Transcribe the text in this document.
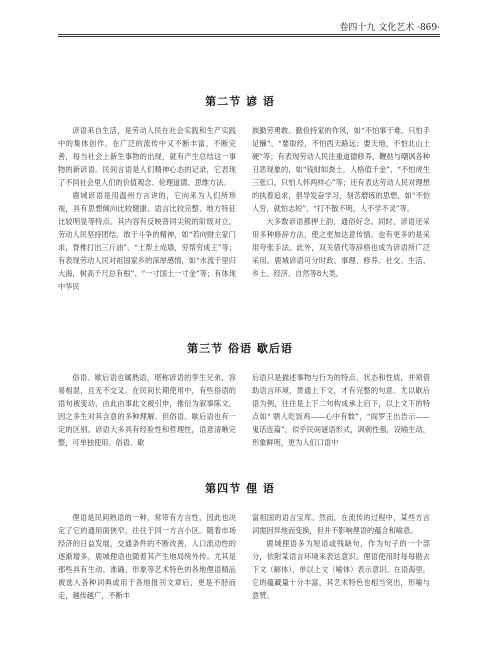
卷四十九 文化艺术 ·869·
第二节 谚 语

谚语来自生活，是劳动人民在社会实践和生产实践中的集体创作。在广泛的流传中又不断丰富、不断完善，每当社会上新生事物的出现，就有产生总结这一事物的新谚语。民间言语是人们精神心态的记录，它表现了不同社会里人们的价值观念、伦理道德、思维方法。

鹿城谚语是用温州方言讲的，它向来为人们所珍视，具有思想倾向比较健康、语言比较完整、地方特征比较明显等特点。其内容有反映普同尖锐的阶级对立，劳动人民坚持团结、敢于斗争的精神，如“若向财主家门求，脊椎打出三斤油”、“土帮土成墙，穷帮穷成王”等；有表现劳动人民对祖国家乡的深厚感情，如“水流千里归大海，树高千尺总有根”、“一寸国土一寸金”等；有体现中华民

族勤劳勇敢、勤俭持家的作风，如“不怕事干难，只怕手足懒”、“要取经，不怕西天路远；要天地，不怕北山土硬”等；有表现劳动人民注重道德修养，鞭挞与嘲讽各种丑恶现象的，如“钱财如粪土，人格值千金”、“不怕虎生三张口，只怕人怀两样心”等；还有表达劳动人民对理想的执着追求，倡导发奋学习，刻苦磨练的思想，如“不怕人穷，就怕志短”、“打不散不明，人不学不灵”等。

大多数谚语都押上韵，通俗好念。同时，谚语还采用多种修辞方法，使之更加达意传情。也有更多的是采用夸张手法。此外，双关借代等辞格也成为谚语所广泛采用。鹿城谚语可分时政、事理、修养、社交、生活、乡土、经济、自然等8大类。

第三节 俗语 歇后语

俗语、歇后语也属熟语，堪称谚语的孪生兄弟，容易相混，且无不交叉。在民间长期使用中，有些俗语的语句被变动，由此由事此文被引申，推衍为叙事陈文，因之多生对其含意的多种理解。但俗语、歇后语也有一定的区别。谚语大多具有经验性和哲理性，语意清晰完整，可单独使用。俗语、歇

后语只是描述事物与行为的特点、状态和性质，并须借助语言环境，贯通上下文，才有完整的句意。尤以歇后语为例，往往是上下二句构成承上启下，以上文下的特点如“ 瞎人吃饭鸡——心中有数”，“阎罗王出告示——鬼话连篇”，似乎民间谜语形式，讽刺性强，设喻生动，形象鲜明，更为人们口语中

第四节 俚 语

俚语是民间熟语的一种，常带有方言性，因此也决定了它的通用面狭窄，往往于同一方言小区。随着市场经济的日益发展，交通条件的不断改善，人口流动性的逐渐增多，鹿城俚语也随着其产生地局统外传。尤其是那些具有生动、准确、形象等艺术特色的各地俚语精品被选入各种词典或用于各地报刊文章后，更是不胫而走，越传越广，不断丰

富祖国的语言宝库。然而，在流传的过程中，某些方言词需因异地而变换，但并不影响俚语的蕴含和喻意。

鹿城俚语多为短语或残缺句，作为句子的一个部分，依附某语言环境来表达意识。俚语使用时每每勘去下文（解体），单以上文（喻体）表示意识。在语海里，它的蕴藏量十分丰富，其艺术特色也相当突出，形喻与意赞。
